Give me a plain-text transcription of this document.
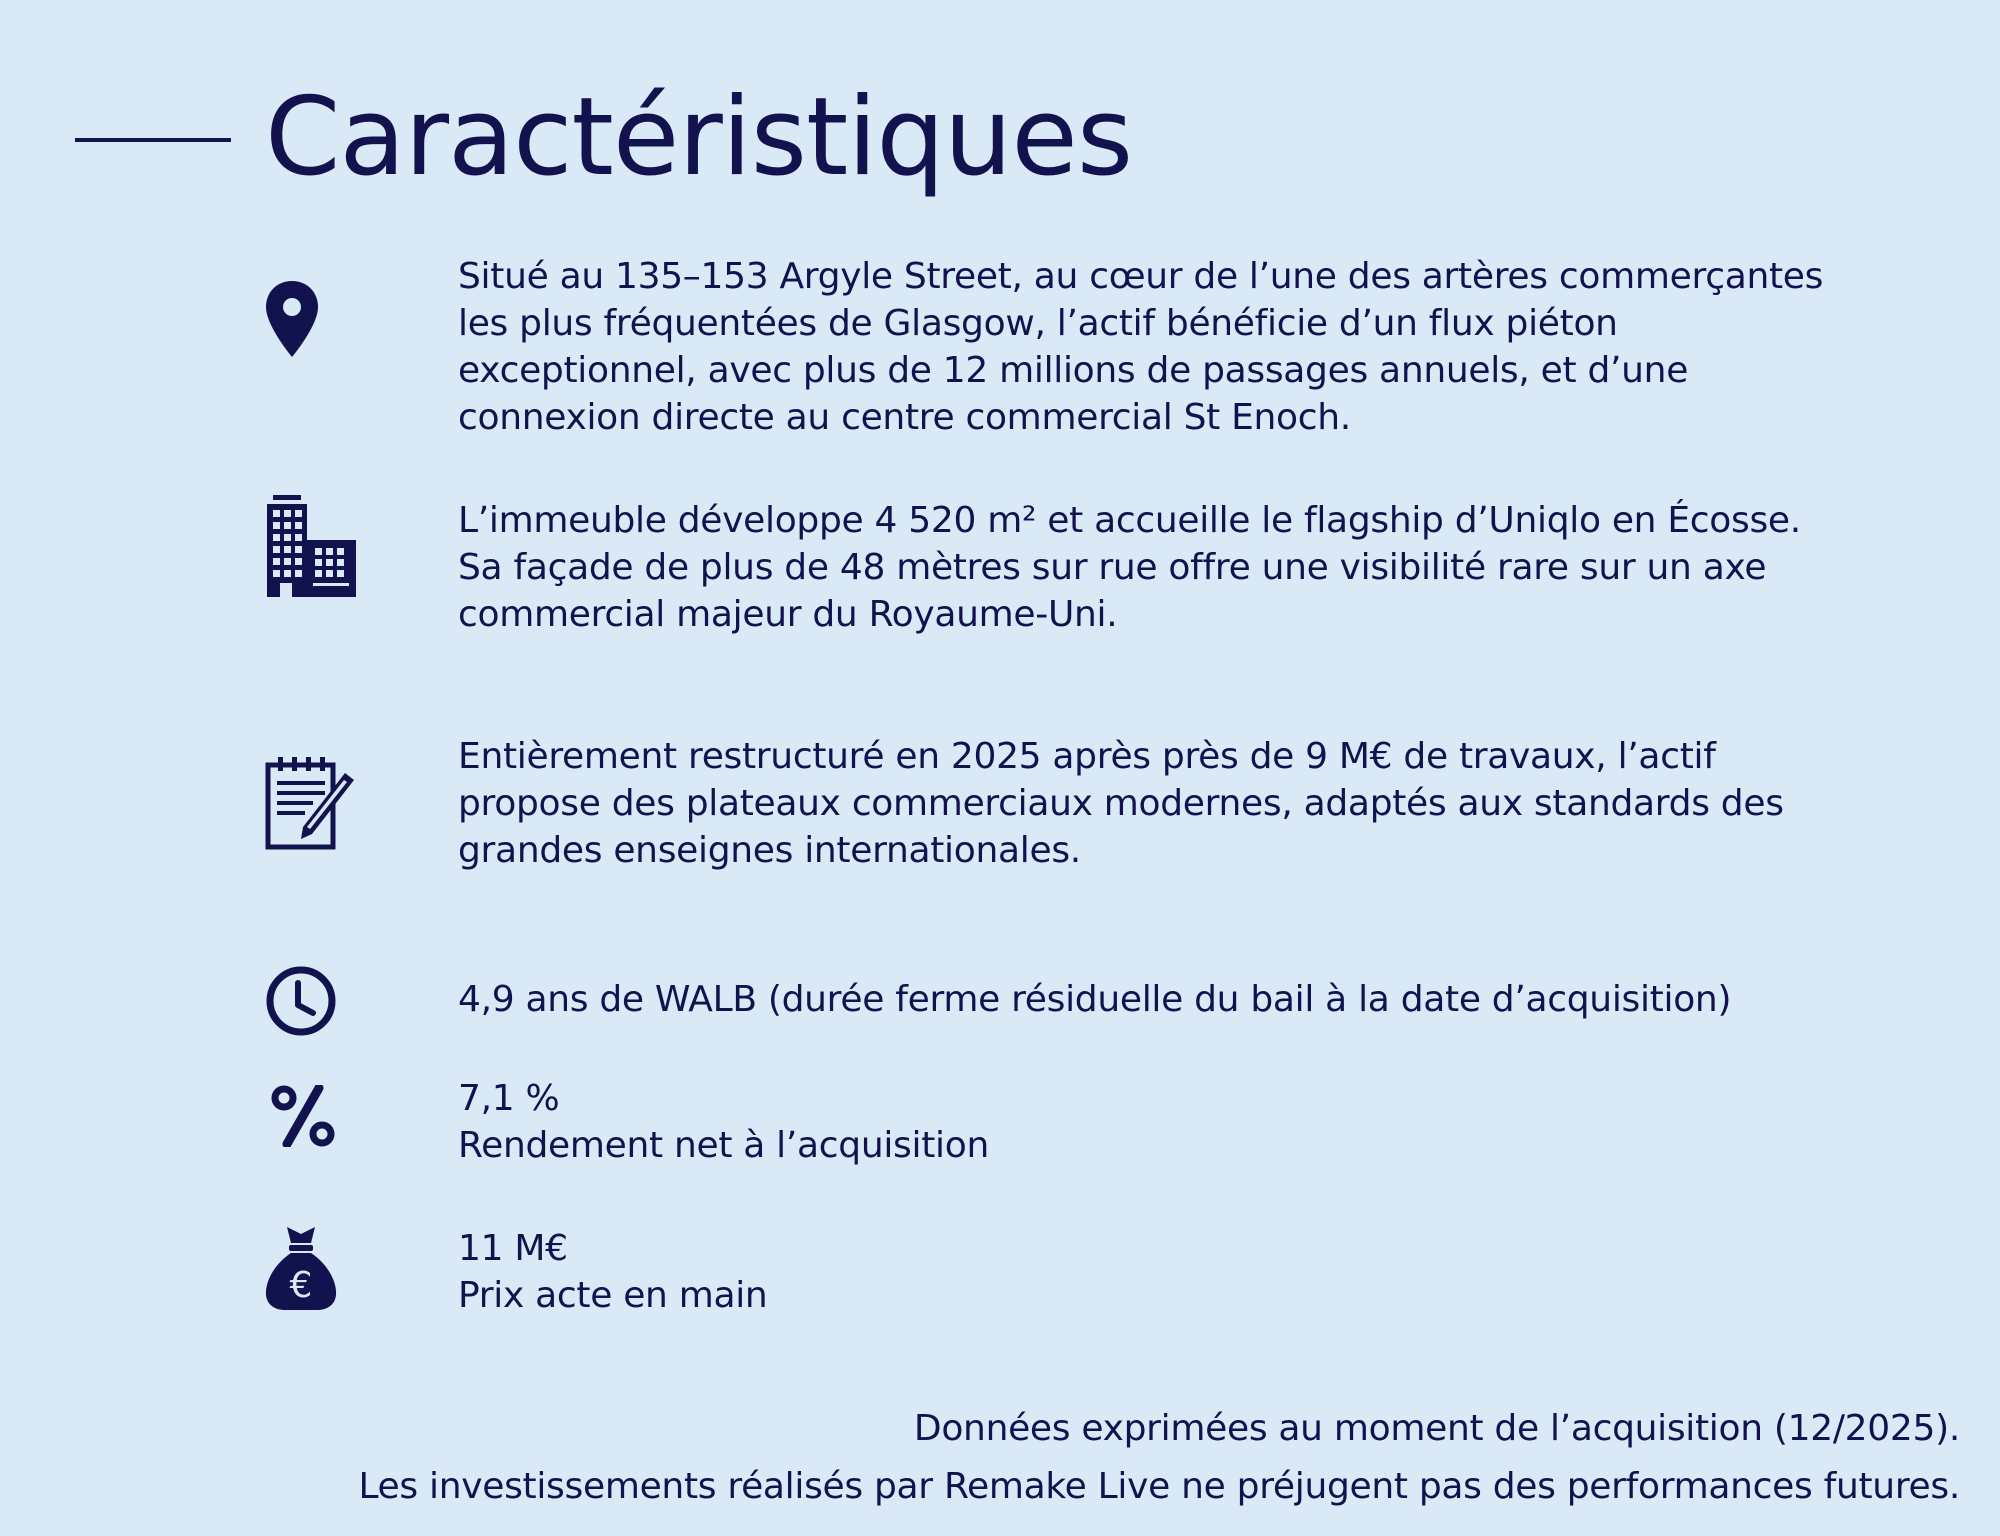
Caractéristiques

Situé au 135–153 Argyle Street, au cœur de l’une des artères commerçantes
les plus fréquentées de Glasgow, l’actif bénéficie d’un flux piéton
exceptionnel, avec plus de 12 millions de passages annuels, et d’une
connexion directe au centre commercial St Enoch.

L’immeuble développe 4 520 m² et accueille le flagship d’Uniqlo en Écosse.
Sa façade de plus de 48 mètres sur rue offre une visibilité rare sur un axe
commercial majeur du Royaume-Uni.

Entièrement restructuré en 2025 après près de 9 M€ de travaux, l’actif
propose des plateaux commerciaux modernes, adaptés aux standards des
grandes enseignes internationales.

4,9 ans de WALB (durée ferme résiduelle du bail à la date d’acquisition)

7,1 %
Rendement net à l’acquisition

€

11 M€
Prix acte en main

Données exprimées au moment de l’acquisition (12/2025).
Les investissements réalisés par Remake Live ne préjugent pas des performances futures.
